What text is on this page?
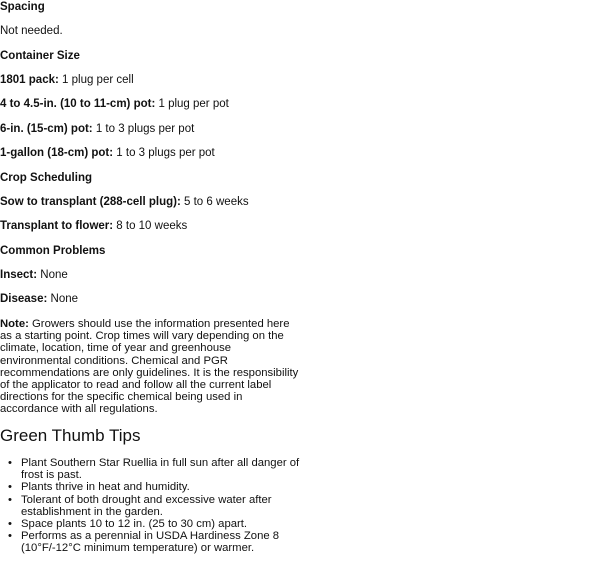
Spacing
Not needed.
Container Size
1801 pack: 1 plug per cell
4 to 4.5-in. (10 to 11-cm) pot: 1 plug per pot
6-in. (15-cm) pot: 1 to 3 plugs per pot
1-gallon (18-cm) pot: 1 to 3 plugs per pot
Crop Scheduling
Sow to transplant (288-cell plug): 5 to 6 weeks
Transplant to flower: 8 to 10 weeks
Common Problems
Insect: None
Disease: None
Note: Growers should use the information presented here as a starting point. Crop times will vary depending on the climate, location, time of year and greenhouse environmental conditions. Chemical and PGR recommendations are only guidelines. It is the responsibility of the applicator to read and follow all the current label directions for the specific chemical being used in accordance with all regulations.
Green Thumb Tips
• Plant Southern Star Ruellia in full sun after all danger of frost is past.
• Plants thrive in heat and humidity.
• Tolerant of both drought and excessive water after establishment in the garden.
• Space plants 10 to 12 in. (25 to 30 cm) apart.
• Performs as a perennial in USDA Hardiness Zone 8 (10°F/-12°C minimum temperature) or warmer.
